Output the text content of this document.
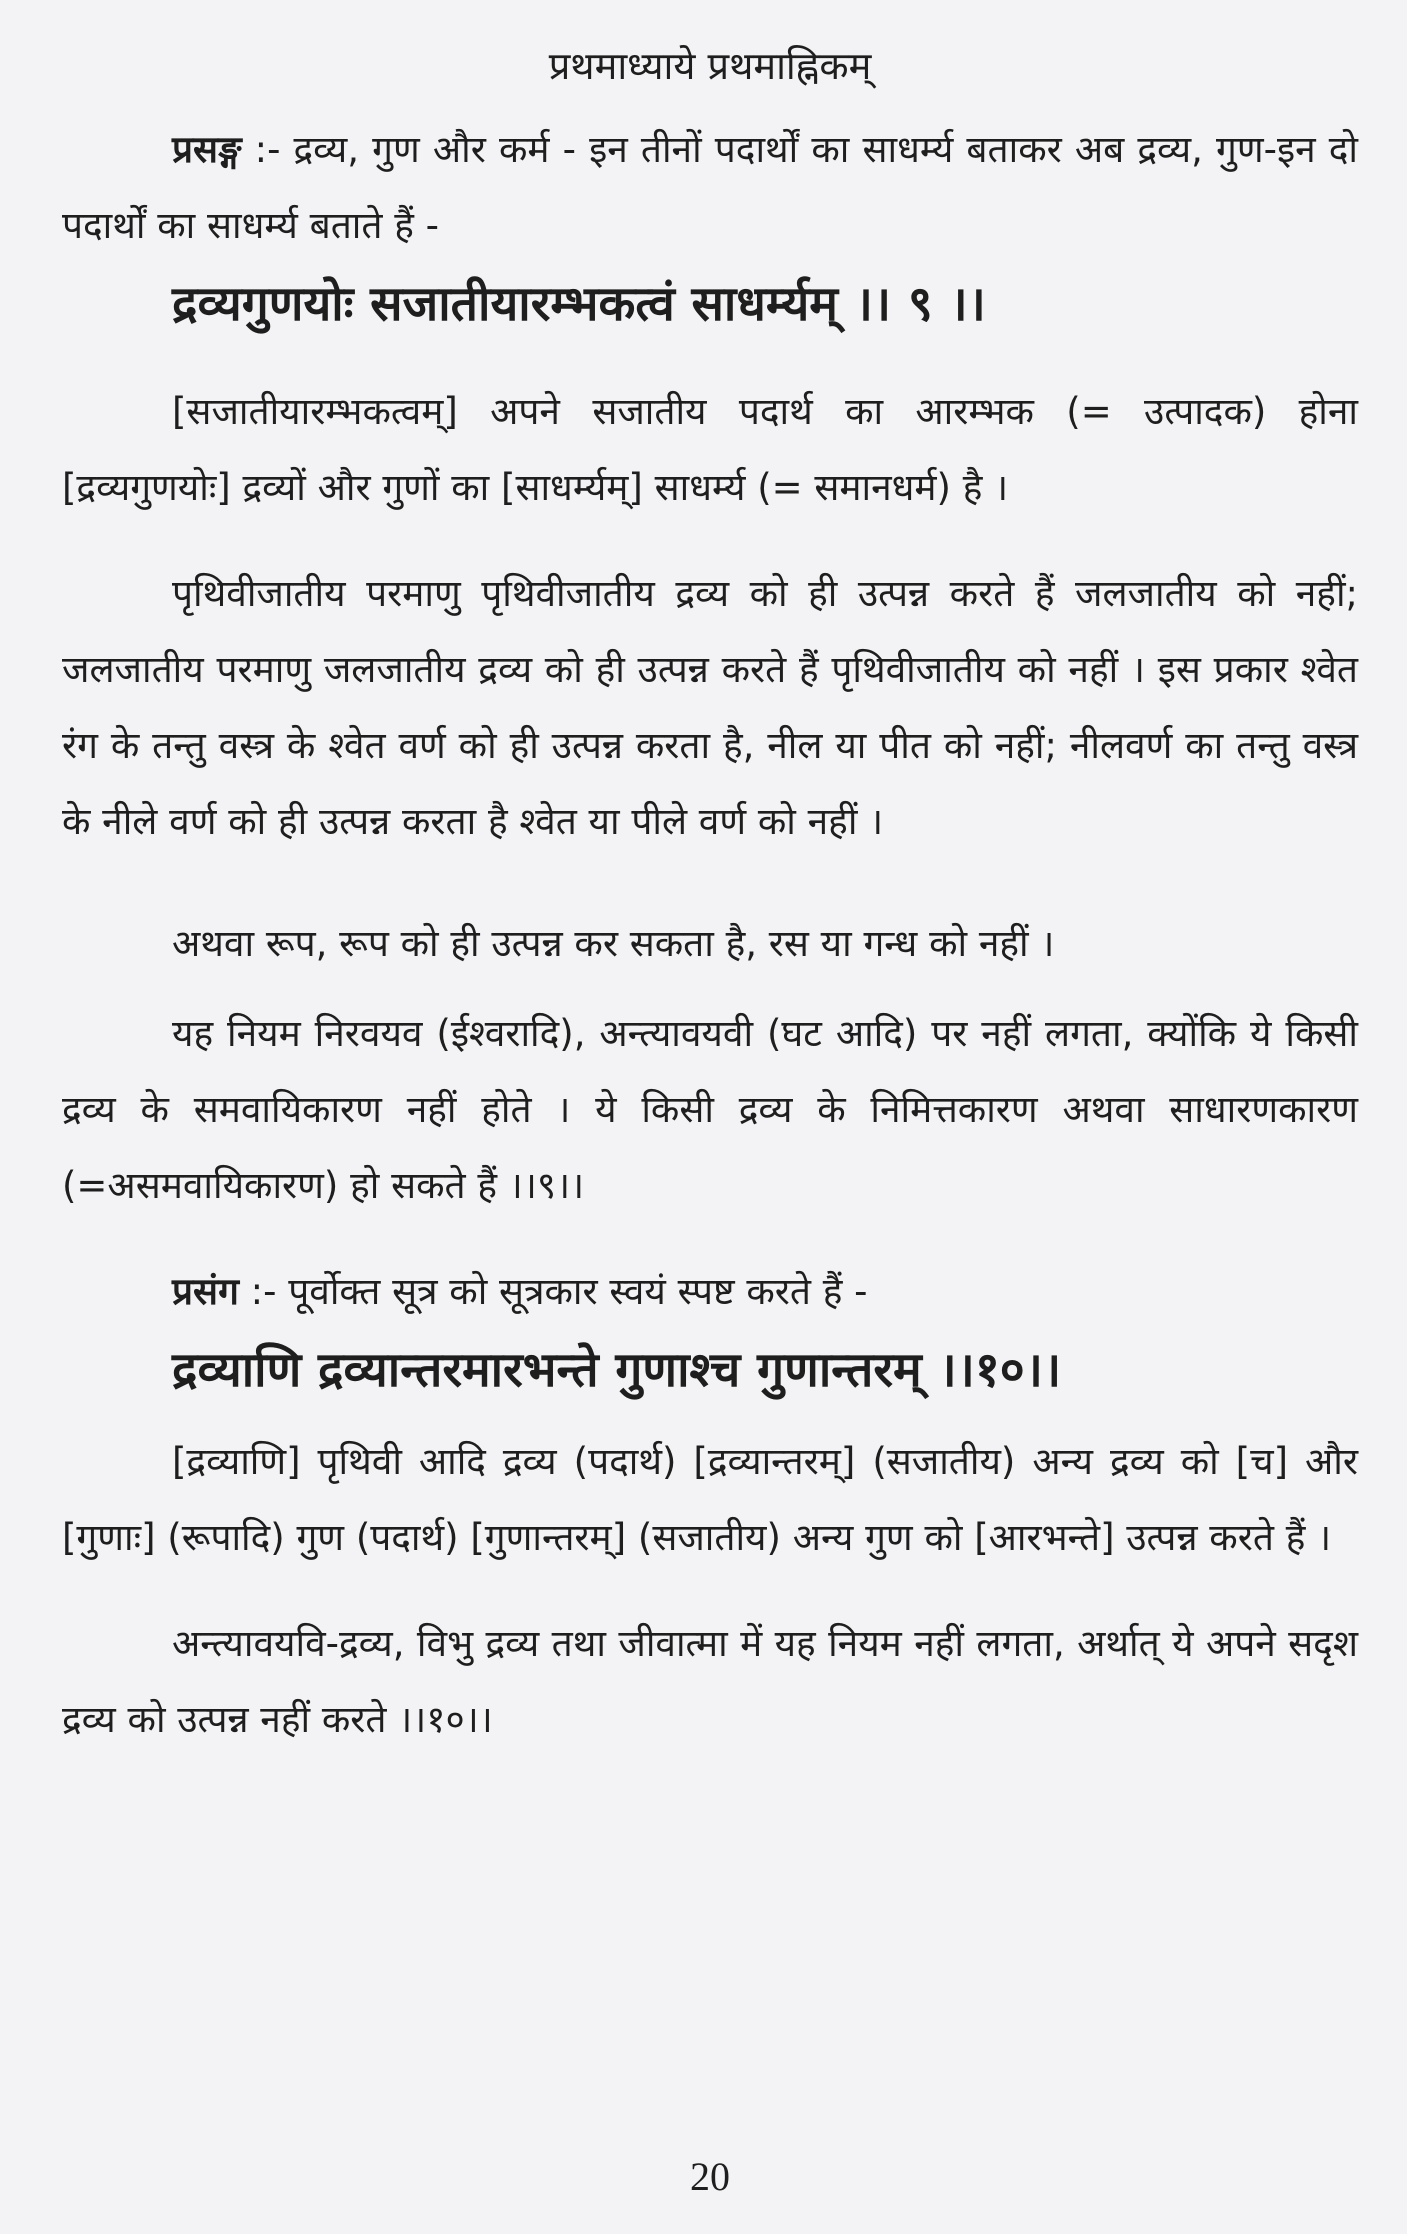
प्रथमाध्याये प्रथमाह्निकम्

प्रसङ्ग :- द्रव्य, गुण और कर्म - इन तीनों पदार्थों का साधर्म्य बताकर अब द्रव्य, गुण-इन दो पदार्थों का साधर्म्य बताते हैं -

द्रव्यगुणयोः सजातीयारम्भकत्वं साधर्म्यम् ।। ९ ।।

[सजातीयारम्भकत्वम्] अपने सजातीय पदार्थ का आरम्भक (= उत्पादक) होना [द्रव्यगुणयोः] द्रव्यों और गुणों का [साधर्म्यम्] साधर्म्य (= समानधर्म) है ।

पृथिवीजातीय परमाणु पृथिवीजातीय द्रव्य को ही उत्पन्न करते हैं जलजातीय को नहीं; जलजातीय परमाणु जलजातीय द्रव्य को ही उत्पन्न करते हैं पृथिवीजातीय को नहीं । इस प्रकार श्वेत रंग के तन्तु वस्त्र के श्वेत वर्ण को ही उत्पन्न करता है, नील या पीत को नहीं; नीलवर्ण का तन्तु वस्त्र के नीले वर्ण को ही उत्पन्न करता है श्वेत या पीले वर्ण को नहीं ।

अथवा रूप, रूप को ही उत्पन्न कर सकता है, रस या गन्ध को नहीं ।

यह नियम निरवयव (ईश्वरादि), अन्त्यावयवी (घट आदि) पर नहीं लगता, क्योंकि ये किसी द्रव्य के समवायिकारण नहीं होते । ये किसी द्रव्य के निमित्तकारण अथवा साधारणकारण (=असमवायिकारण) हो सकते हैं ।।९।।

प्रसंग :- पूर्वोक्त सूत्र को सूत्रकार स्वयं स्पष्ट करते हैं -

द्रव्याणि द्रव्यान्तरमारभन्ते गुणाश्च गुणान्तरम् ।।१०।।

[द्रव्याणि] पृथिवी आदि द्रव्य (पदार्थ) [द्रव्यान्तरम्] (सजातीय) अन्य द्रव्य को [च] और [गुणाः] (रूपादि) गुण (पदार्थ) [गुणान्तरम्] (सजातीय) अन्य गुण को [आरभन्ते] उत्पन्न करते हैं ।

अन्त्यावयवि-द्रव्य, विभु द्रव्य तथा जीवात्मा में यह नियम नहीं लगता, अर्थात् ये अपने सदृश द्रव्य को उत्पन्न नहीं करते ।।१०।।

20
